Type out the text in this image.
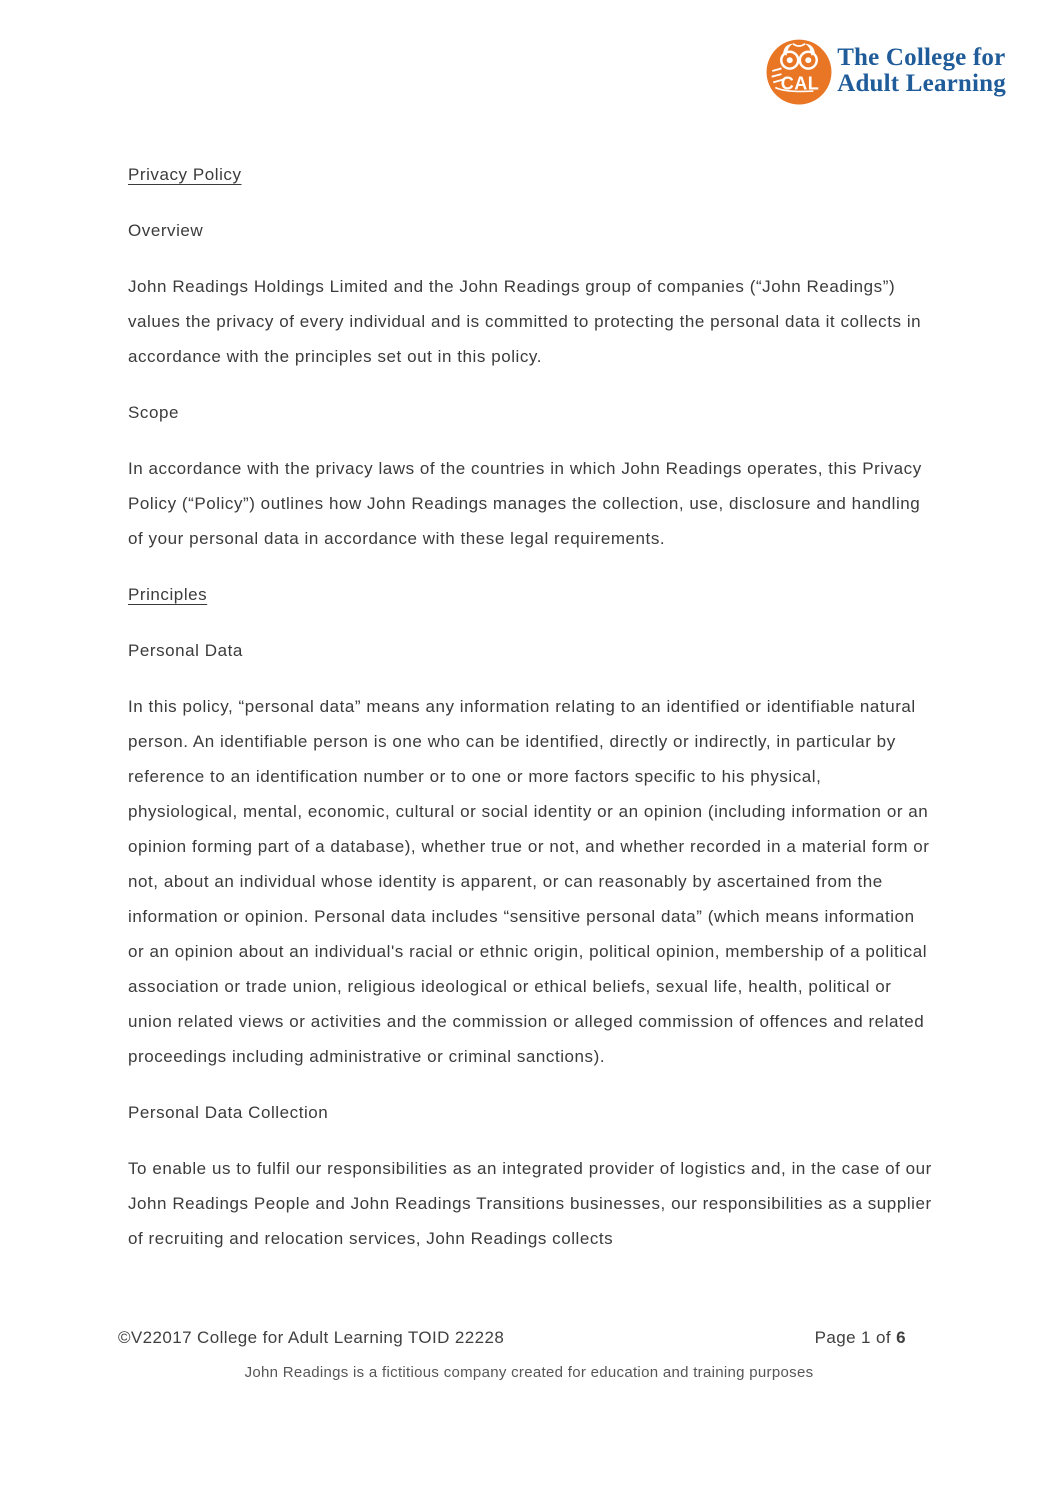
CAL
The College for
Adult Learning
Privacy Policy
Overview

John Readings Holdings Limited and the John Readings group of companies (“John Readings”) values the privacy of every individual and is committed to protecting the personal data it collects in accordance with the principles set out in this policy.

Scope

In accordance with the privacy laws of the countries in which John Readings operates, this Privacy Policy (“Policy”) outlines how John Readings manages the collection, use, disclosure and handling of your personal data in accordance with these legal requirements.

Principles
Personal Data

In this policy, “personal data” means any information relating to an identified or identifiable natural person. An identifiable person is one who can be identified, directly or indirectly, in particular by reference to an identification number or to one or more factors specific to his physical, physiological, mental, economic, cultural or social identity or an opinion (including information or an opinion forming part of a database), whether true or not, and whether recorded in a material form or not, about an individual whose identity is apparent, or can reasonably by ascertained from the information or opinion. Personal data includes “sensitive personal data” (which means information or an opinion about an individual's racial or ethnic origin, political opinion, membership of a political association or trade union, religious ideological or ethical beliefs, sexual life, health, political or union related views or activities and the commission or alleged commission of offences and related proceedings including administrative or criminal sanctions).

Personal Data Collection

To enable us to fulfil our responsibilities as an integrated provider of logistics and, in the case of our John Readings People and John Readings Transitions businesses, our responsibilities as a supplier of recruiting and relocation services, John Readings collects

©V22017 College for Adult Learning TOID 22228	Page 1 of 6
John Readings is a fictitious company created for education and training purposes
